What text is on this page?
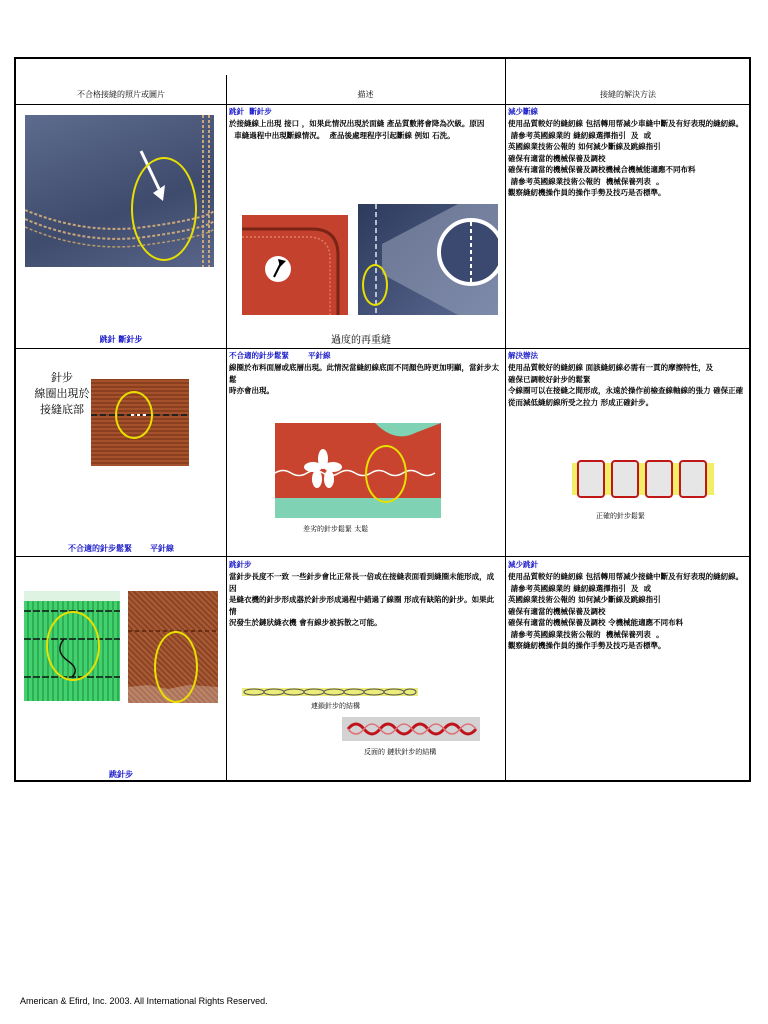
不合格接縫的照片或圖片	描述	接縫的解決方法
跳針 斷針步
跳針  斷針步
於接縫線上出現 接口 ，如果此情況出現於面縫 產品質數將會降為次級。原因
車縫過程中出現斷線情況。  產品後處理程序引起斷線 例如 石洗。
過度的再重縫
減少斷線
使用品質較好的縫紉線 包括轉用帮减少車縫中斷及有好表現的縫紉線。
請參考英國線業的 縫紉線選擇指引  及  或
英國線業技術公報的 如何減少斷線及跳線指引
確保有適當的機械保養及調校
確保有適當的機械保養及調校機械合機械能適應不同布料
請參考英國線業技術公報的  機械保養列表  。
觀察縫紉機操作員的操作手勢及技巧是否標準。
針步
線圈出現於
接縫底部
不合適的針步鬆緊 平針線
不合適的針步鬆緊	平針線
線圈於布料面層或底層出現。此情況當縫紉線底面不同顏色時更加明顯，當針步太鬆
時亦會出現。
差劣的針步鬆緊 太鬆
解決辦法
使用品質較好的縫紉線 面該縫紉線必需有一貫的摩擦特性，及
確保已調較好針步的鬆緊
令線圈可以在接縫之間形成，永遠於操作前檢查線軸線的張力 確保正確
從而減低縫紉線所受之拉力 形成正確針步。
正確的針步鬆緊
跳針步
跳針步
當針步長度不一致 一些針步會比正常長一倍或在接縫表面看到縫圈未能形成，成因
是縫衣機的針步形成器於針步形成過程中錯過了線圈 形成有缺陷的針步。如果此情
況發生於鏈狀縫衣機 會有線步被拆散之可能。
連鎖針步的結構
反面的 鏈狀針步的結構
減少跳針
使用品質較好的縫紉線 包括轉用帮减少接縫中斷及有好表現的縫紉線。
請參考英國線業的 縫紉線選擇指引  及  或
英國線業技術公報的 如何減少斷線及跳線指引
確保有適當的機械保養及調校
確保有適當的機械保養及調校 令機械能適應不同布料
請參考英國線業技術公報的  機械保養列表  。
觀察縫紉機操作員的操作手勢及技巧是否標準。
American & Efird, Inc. 2003. All International Rights Reserved.
